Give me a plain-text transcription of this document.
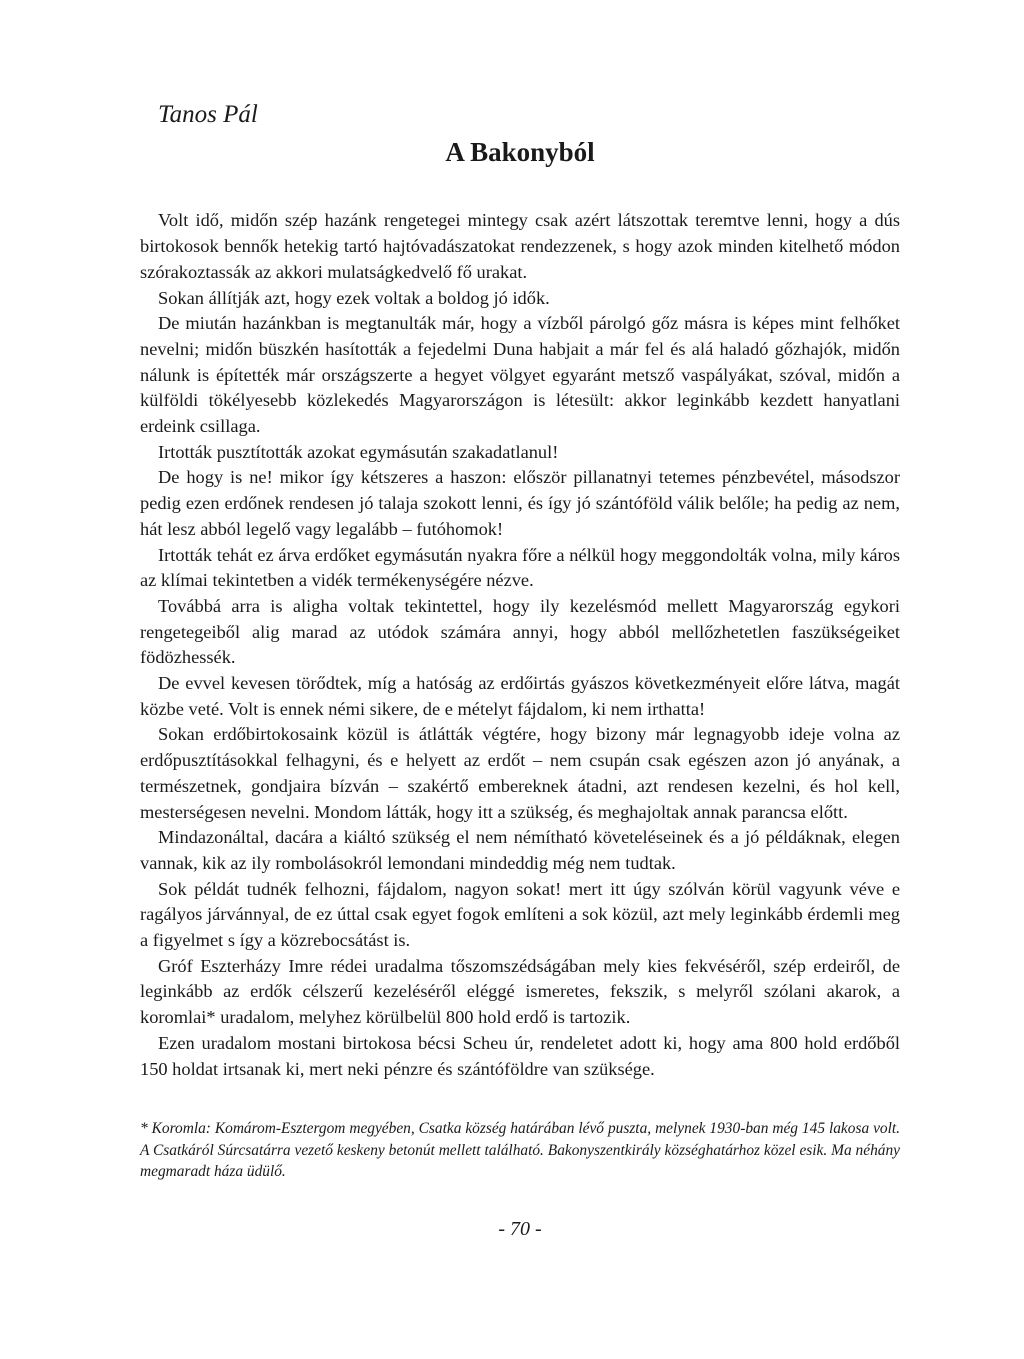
Tanos Pál
A Bakonyból

Volt idő, midőn szép hazánk rengetegei mintegy csak azért látszottak teremtve lenni, hogy a dús birtokosok bennők hetekig tartó hajtóvadászatokat rendezzenek, s hogy azok minden kitelhető módon szórakoztassák az akkori mulatságkedvelő fő urakat.

Sokan állítják azt, hogy ezek voltak a boldog jó idők.

De miután hazánkban is megtanulták már, hogy a vízből párolgó gőz másra is képes mint felhőket nevelni; midőn büszkén hasították a fejedelmi Duna habjait a már fel és alá haladó gőzhajók, midőn nálunk is építették már országszerte a hegyet völgyet egyaránt metsző vaspályákat, szóval, midőn a külföldi tökélyesebb közlekedés Magyarországon is létesült: akkor leginkább kezdett hanyatlani erdeink csillaga.

Irtották pusztították azokat egymásután szakadatlanul!

De hogy is ne! mikor így kétszeres a haszon: először pillanatnyi tetemes pénzbevétel, másodszor pedig ezen erdőnek rendesen jó talaja szokott lenni, és így jó szántóföld válik belőle; ha pedig az nem, hát lesz abból legelő vagy legalább – futóhomok!

Irtották tehát ez árva erdőket egymásután nyakra főre a nélkül hogy meggondolták volna, mily káros az klímai tekintetben a vidék termékenységére nézve.

Továbbá arra is aligha voltak tekintettel, hogy ily kezelésmód mellett Magyarország egykori rengetegeiből alig marad az utódok számára annyi, hogy abból mellőzhetetlen faszükségeiket födözhessék.

De evvel kevesen törődtek, míg a hatóság az erdőirtás gyászos következményeit előre látva, magát közbe veté. Volt is ennek némi sikere, de e mételyt fájdalom, ki nem irthatta!

Sokan erdőbirtokosaink közül is átlátták végtére, hogy bizony már legnagyobb ideje volna az erdőpusztításokkal felhagyni, és e helyett az erdőt – nem csupán csak egészen azon jó anyának, a természetnek, gondjaira bízván – szakértő embereknek átadni, azt rendesen kezelni, és hol kell, mesterségesen nevelni. Mondom látták, hogy itt a szükség, és meghajoltak annak parancsa előtt.

Mindazonáltal, dacára a kiáltó szükség el nem némítható követeléseinek és a jó példáknak, elegen vannak, kik az ily rombolásokról lemondani mindeddig még nem tudtak.

Sok példát tudnék felhozni, fájdalom, nagyon sokat! mert itt úgy szólván körül vagyunk véve e ragályos járvánnyal, de ez úttal csak egyet fogok említeni a sok közül, azt mely leginkább érdemli meg a figyelmet s így a közrebocsátást is.

Gróf Eszterházy Imre rédei uradalma tőszomszédságában mely kies fekvéséről, szép erdeiről, de leginkább az erdők célszerű kezeléséről eléggé ismeretes, fekszik, s melyről szólani akarok, a koromlai* uradalom, melyhez körülbelül 800 hold erdő is tartozik.

Ezen uradalom mostani birtokosa bécsi Scheu úr, rendeletet adott ki, hogy ama 800 hold erdőből 150 holdat irtsanak ki, mert neki pénzre és szántóföldre van szüksége.

* Koromla: Komárom-Esztergom megyében, Csatka község határában lévő puszta, melynek 1930-ban még 145 lakosa volt. A Csatkáról Súrcsatárra vezető keskeny betonút mellett található. Bakonyszentkirály községhatárhoz közel esik. Ma néhány megmaradt háza üdülő.
- 70 -
